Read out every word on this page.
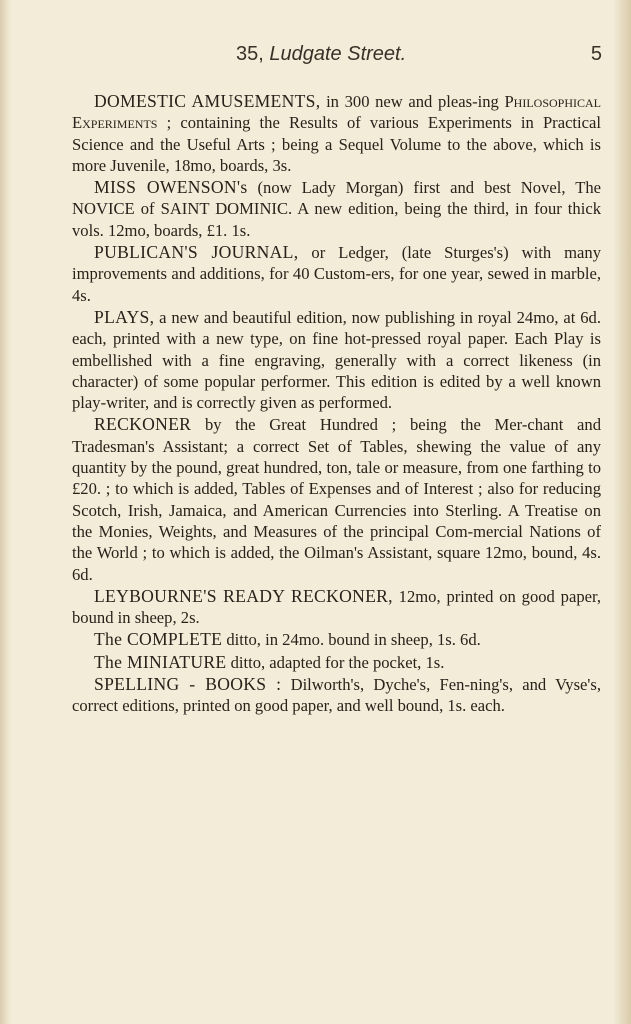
35, Ludgate Street.	5

DOMESTIC AMUSEMENTS, in 300 new and pleas-ing Philosophical Experiments ; containing the Results of various Experiments in Practical Science and the Useful Arts ; being a Sequel Volume to the above, which is more Juvenile, 18mo, boards, 3s.

MISS OWENSON's (now Lady Morgan) first and best Novel, The NOVICE of SAINT DOMINIC. A new edition, being the third, in four thick vols. 12mo, boards, £1. 1s.

PUBLICAN'S JOURNAL, or Ledger, (late Sturges's) with many improvements and additions, for 40 Custom-ers, for one year, sewed in marble, 4s.

PLAYS, a new and beautiful edition, now publishing in royal 24mo, at 6d. each, printed with a new type, on fine hot-pressed royal paper. Each Play is embellished with a fine engraving, generally with a correct likeness (in character) of some popular performer. This edition is edited by a well known play-writer, and is correctly given as performed.

RECKONER by the Great Hundred ; being the Mer-chant and Tradesman's Assistant; a correct Set of Tables, shewing the value of any quantity by the pound, great hundred, ton, tale or measure, from one farthing to £20. ; to which is added, Tables of Expenses and of Interest ; also for reducing Scotch, Irish, Jamaica, and American Currencies into Sterling. A Treatise on the Monies, Weights, and Measures of the principal Com-mercial Nations of the World ; to which is added, the Oilman's Assistant, square 12mo, bound, 4s. 6d.

LEYBOURNE'S READY RECKONER, 12mo, printed on good paper, bound in sheep, 2s.

The COMPLETE ditto, in 24mo. bound in sheep, 1s. 6d.

The MINIATURE ditto, adapted for the pocket, 1s.

SPELLING - BOOKS : Dilworth's, Dyche's, Fen-ning's, and Vyse's, correct editions, printed on good paper, and well bound, 1s. each.
